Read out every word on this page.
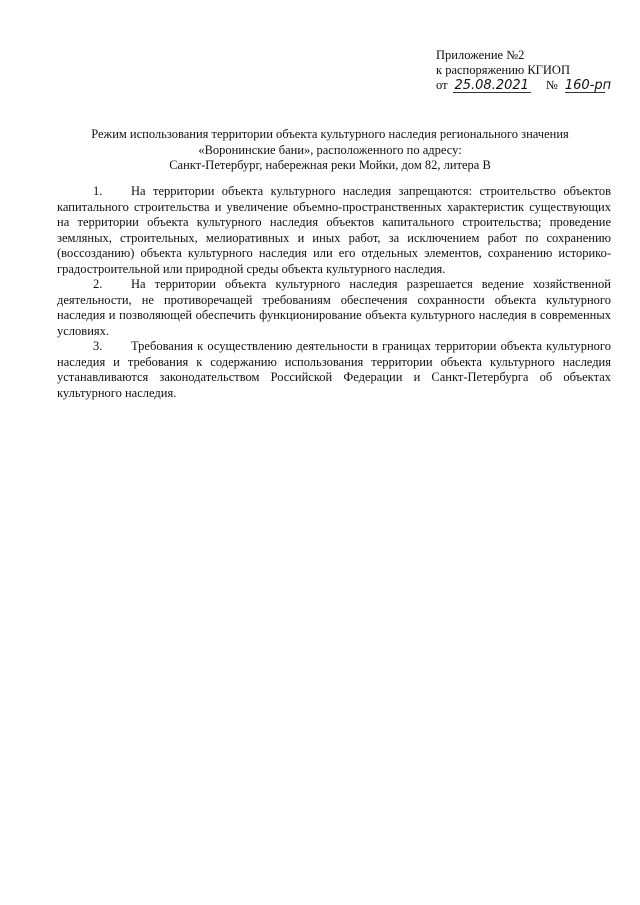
Приложение №2
к распоряжению КГИОП
от 25.08.2021 № 160-рп
Режим использования территории объекта культурного наследия регионального значения
«Воронинские бани», расположенного по адресу:
Санкт-Петербург, набережная реки Мойки, дом 82, литера В

1. На территории объекта культурного наследия запрещаются: строительство объектов капитального строительства и увеличение объемно-пространственных характеристик существующих на территории объекта культурного наследия объектов капитального строительства; проведение земляных, строительных, мелиоративных и иных работ, за исключением работ по сохранению (воссозданию) объекта культурного наследия или его отдельных элементов, сохранению историко-градостроительной или природной среды объекта культурного наследия.

2. На территории объекта культурного наследия разрешается ведение хозяйственной деятельности, не противоречащей требованиям обеспечения сохранности объекта культурного наследия и позволяющей обеспечить функционирование объекта культурного наследия в современных условиях.

3. Требования к осуществлению деятельности в границах территории объекта культурного наследия и требования к содержанию использования территории объекта культурного наследия устанавливаются законодательством Российской Федерации и Санкт-Петербурга об объектах культурного наследия.
